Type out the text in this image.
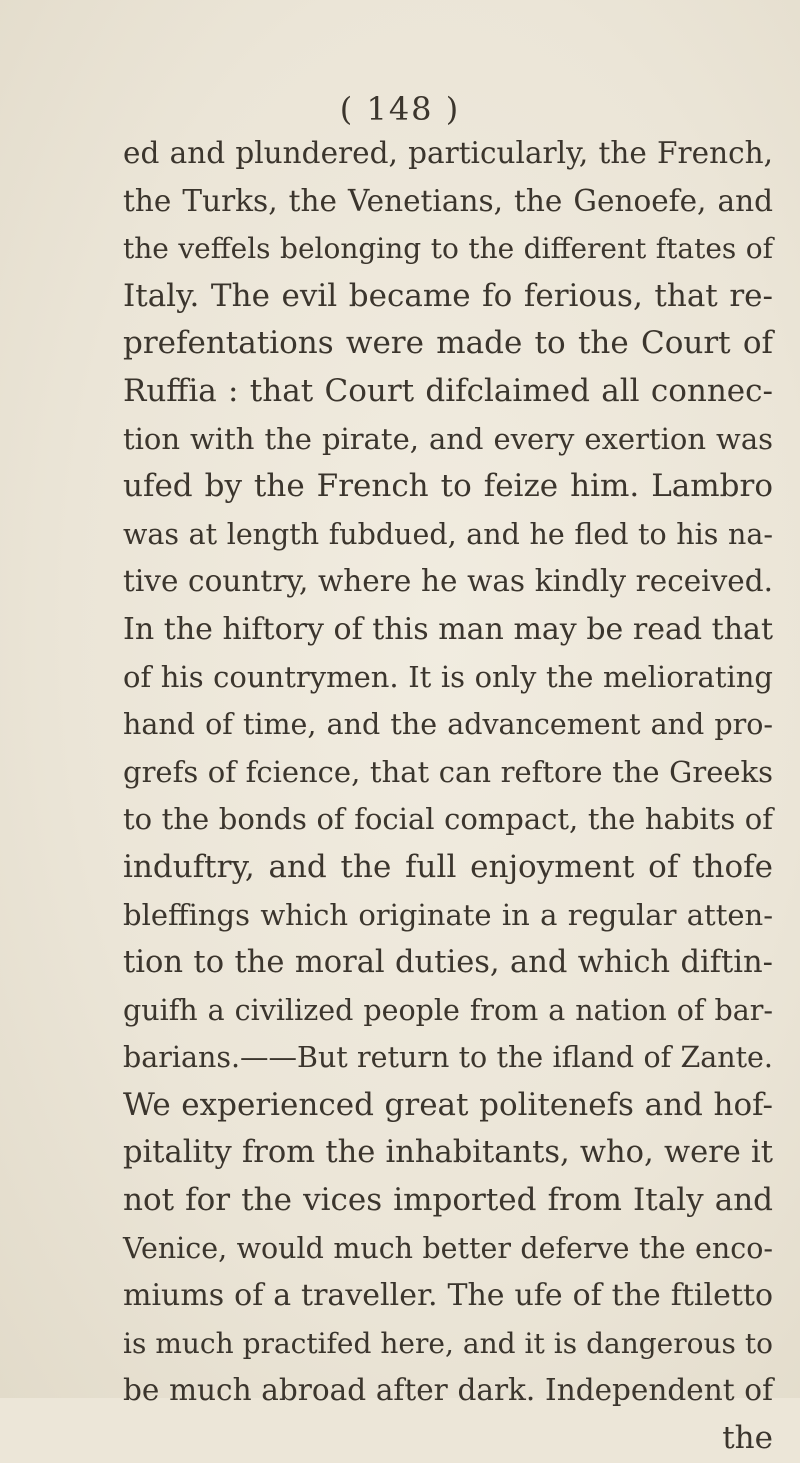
( 148 )
ed and plundered, particularly, the French,
the Turks, the Venetians, the Genoefe, and
the veffels belonging to the different ftates of
Italy. The evil became fo ferious, that re-
prefentations were made to the Court of
Ruffia : that Court difclaimed all connec-
tion with the pirate, and every exertion was
ufed by the French to feize him. Lambro
was at length fubdued, and he fled to his na-
tive country, where he was kindly received.
In the hiftory of this man may be read that
of his countrymen. It is only the meliorating
hand of time, and the advancement and pro-
grefs of fcience, that can reftore the Greeks
to the bonds of focial compact, the habits of
induftry, and the full enjoyment of thofe
bleffings which originate in a regular atten-
tion to the moral duties, and which diftin-
guifh a civilized people from a nation of bar-
barians.——But return to the ifland of Zante.
We experienced great politenefs and hof-
pitality from the inhabitants, who, were it
not for the vices imported from Italy and
Venice, would much better deferve the enco-
miums of a traveller. The ufe of the ftiletto
is much practifed here, and it is dangerous to
be much abroad after dark. Independent of
the
